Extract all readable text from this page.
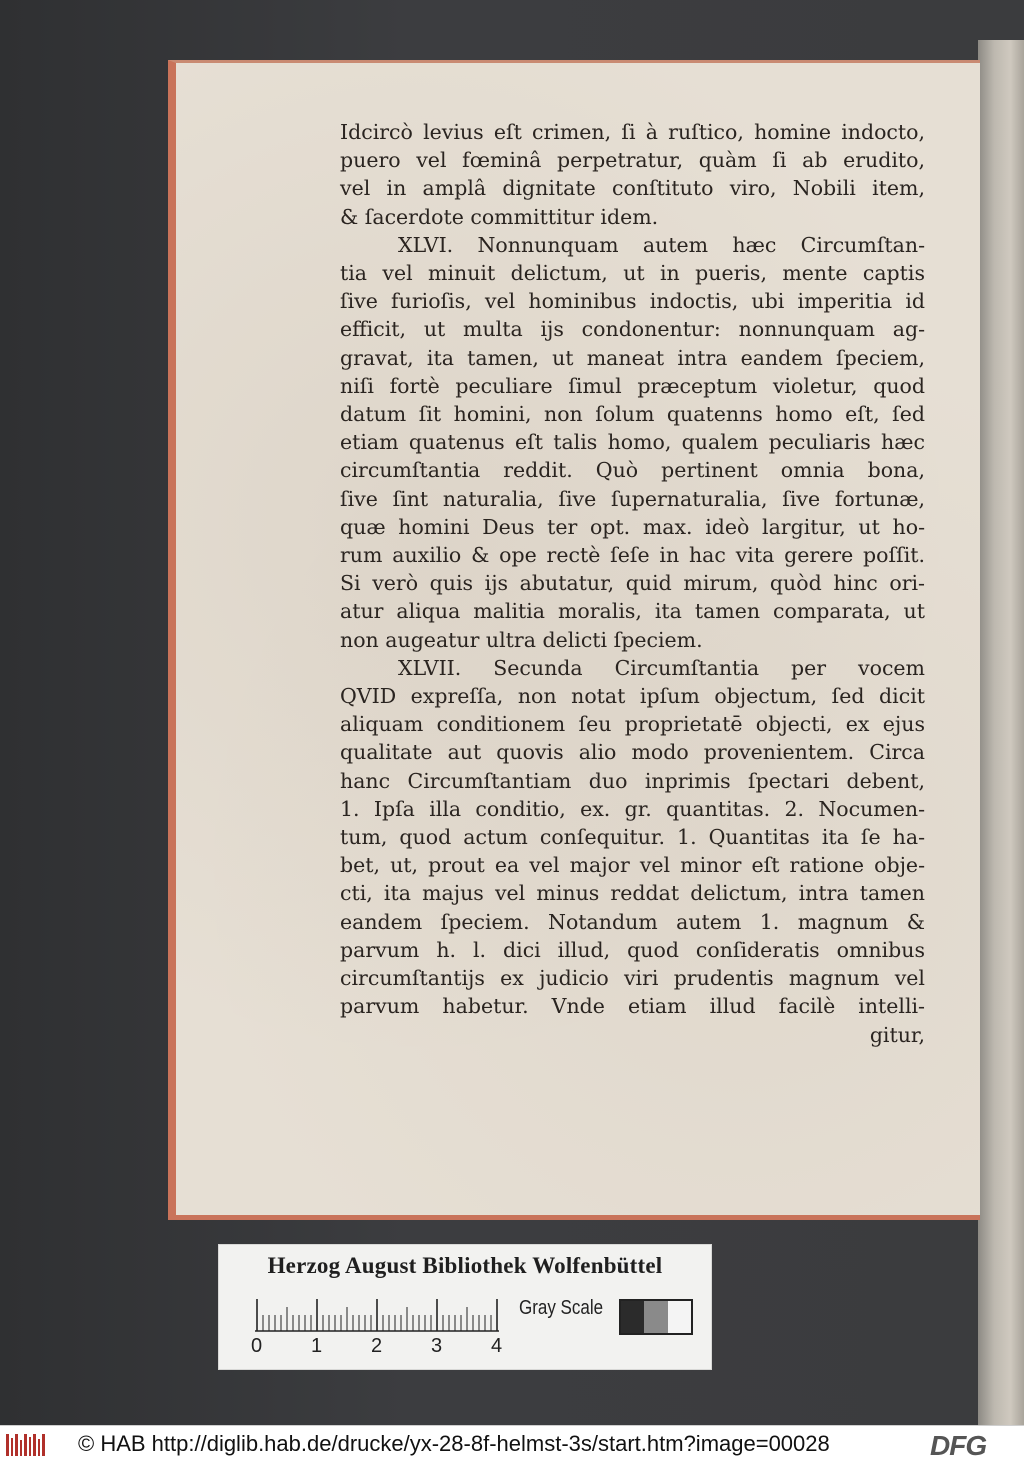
Idcircò levius eſt crimen, ſi à ruſtico, homine indocto,
puero vel fœminâ perpetratur, quàm ſi ab erudito,
vel in amplâ dignitate conſtituto viro, Nobili item,
& ſacerdote committitur idem.
XLVI. Nonnunquam autem hæc Circumſtan-
tia vel minuit delictum, ut in pueris, mente captis
ſive furioſis, vel hominibus indoctis, ubi imperitia id
efficit, ut multa ijs condonentur: nonnunquam ag-
gravat, ita tamen, ut maneat intra eandem ſpeciem,
niſi fortè peculiare ſimul præceptum violetur, quod
datum ſit homini, non ſolum quatenns homo eſt, ſed
etiam quatenus eſt talis homo, qualem peculiaris hæc
circumſtantia reddit. Quò pertinent omnia bona,
ſive ſint naturalia, ſive ſupernaturalia, ſive fortunæ,
quæ homini Deus ter opt. max. ideò largitur, ut ho-
rum auxilio & ope rectè ſeſe in hac vita gerere poſſit.
Si verò quis ijs abutatur, quid mirum, quòd hinc ori-
atur aliqua malitia moralis, ita tamen comparata, ut
non augeatur ultra delicti ſpeciem.
XLVII. Secunda Circumſtantia per vocem
QVID expreſſa, non notat ipſum objectum, ſed dicit
aliquam conditionem ſeu proprietatē objecti, ex ejus
qualitate aut quovis alio modo provenientem. Circa
hanc Circumſtantiam duo inprimis ſpectari debent,
1. Ipſa illa conditio, ex. gr. quantitas. 2. Nocumen-
tum, quod actum conſequitur. 1. Quantitas ita ſe ha-
bet, ut, prout ea vel major vel minor eſt ratione obje-
cti, ita majus vel minus reddat delictum, intra tamen
eandem ſpeciem. Notandum autem 1. magnum &
parvum h. l. dici illud, quod conſideratis omnibus
circumſtantijs ex judicio viri prudentis magnum vel
parvum habetur. Vnde etiam illud facilè intelli-
gitur,
Herzog August Bibliothek Wolfenbüttel
Gray Scale
0 1 2 3 4
© HAB http://diglib.hab.de/drucke/yx-28-8f-helmst-3s/start.htm?image=00028	DFG
